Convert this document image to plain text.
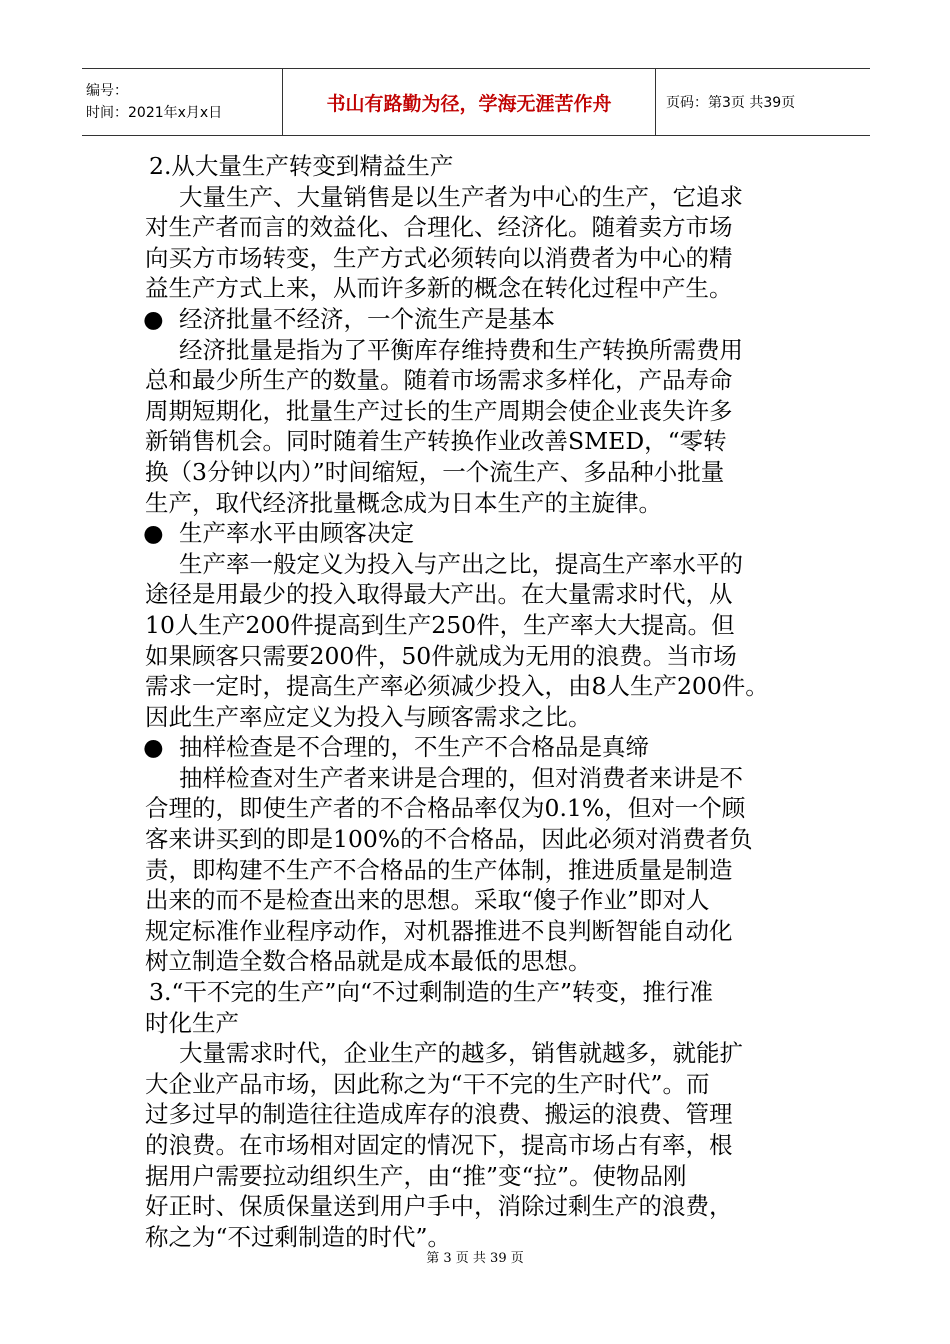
编号：
时间：2021年x月x日	书山有路勤为径，学海无涯苦作舟	页码：第3页 共39页
2.从大量生产转变到精益生产
大量生产、大量销售是以生产者为中心的生产，它追求
对生产者而言的效益化、合理化、经济化。随着卖方市场
向买方市场转变，生产方式必须转向以消费者为中心的精
益生产方式上来，从而许多新的概念在转化过程中产生。
● 经济批量不经济，一个流生产是基本
经济批量是指为了平衡库存维持费和生产转换所需费用
总和最少所生产的数量。随着市场需求多样化，产品寿命
周期短期化，批量生产过长的生产周期会使企业丧失许多
新销售机会。同时随着生产转换作业改善SMED，“零转
换（3分钟以内）”时间缩短，一个流生产、多品种小批量
生产，取代经济批量概念成为日本生产的主旋律。
● 生产率水平由顾客决定
生产率一般定义为投入与产出之比，提高生产率水平的
途径是用最少的投入取得最大产出。在大量需求时代，从
10人生产200件提高到生产250件，生产率大大提高。但
如果顾客只需要200件，50件就成为无用的浪费。当市场
需求一定时，提高生产率必须减少投入，由8人生产200件。
因此生产率应定义为投入与顾客需求之比。
● 抽样检查是不合理的，不生产不合格品是真缔
抽样检查对生产者来讲是合理的，但对消费者来讲是不
合理的，即使生产者的不合格品率仅为0.1%，但对一个顾
客来讲买到的即是100%的不合格品，因此必须对消费者负
责，即构建不生产不合格品的生产体制，推进质量是制造
出来的而不是检查出来的思想。采取“傻子作业”即对人
规定标准作业程序动作，对机器推进不良判断智能自动化
树立制造全数合格品就是成本最低的思想。
3.“干不完的生产”向“不过剩制造的生产”转变，推行准
时化生产
大量需求时代，企业生产的越多，销售就越多，就能扩
大企业产品市场，因此称之为“干不完的生产时代”。而
过多过早的制造往往造成库存的浪费、搬运的浪费、管理
的浪费。在市场相对固定的情况下，提高市场占有率，根
据用户需要拉动组织生产，由“推”变“拉”。使物品刚
好正时、保质保量送到用户手中，消除过剩生产的浪费，
称之为“不过剩制造的时代”。
第 3 页 共 39 页
